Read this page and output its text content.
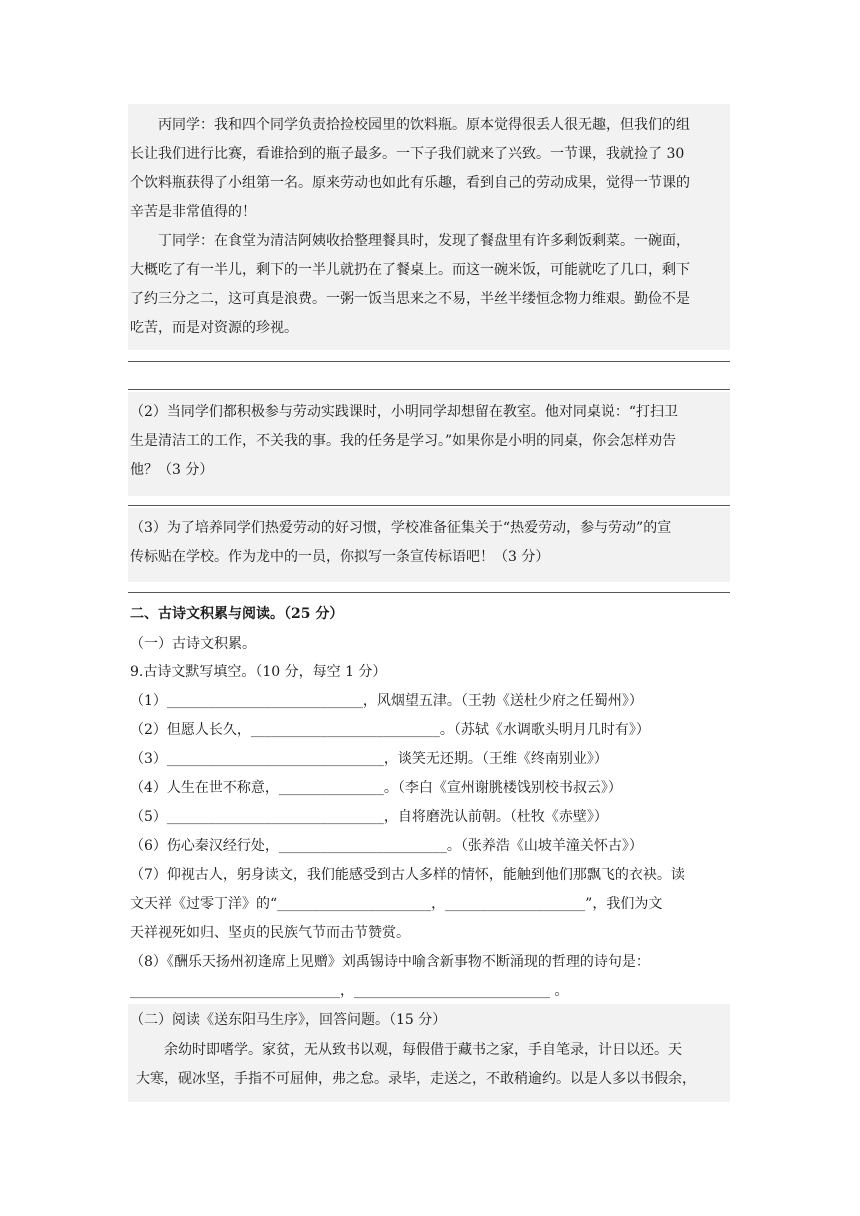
丙同学：我和四个同学负责拾捡校园里的饮料瓶。原本觉得很丢人很无趣，但我们的组
长让我们进行比赛，看谁拾到的瓶子最多。一下子我们就来了兴致。一节课，我就捡了 30
个饮料瓶获得了小组第一名。原来劳动也如此有乐趣，看到自己的劳动成果，觉得一节课的
辛苦是非常值得的！
丁同学：在食堂为清洁阿姨收拾整理餐具时，发现了餐盘里有许多剩饭剩菜。一碗面，
大概吃了有一半儿，剩下的一半儿就扔在了餐桌上。而这一碗米饭，可能就吃了几口，剩下
了约三分之二，这可真是浪费。一粥一饭当思来之不易，半丝半缕恒念物力维艰。勤俭不是
吃苦，而是对资源的珍视。
（2）当同学们都积极参与劳动实践课时，小明同学却想留在教室。他对同桌说：“打扫卫
生是清洁工的工作，不关我的事。我的任务是学习。”如果你是小明的同桌，你会怎样劝告
他？（3 分）
（3）为了培养同学们热爱劳动的好习惯，学校准备征集关于“热爱劳动，参与劳动”的宣
传标贴在学校。作为龙中的一员，你拟写一条宣传标语吧！（3 分）
二、古诗文积累与阅读。（25 分）
（一）古诗文积累。
9.古诗文默写填空。（10 分，每空 1 分）
（1）____________________________，风烟望五津。（王勃《送杜少府之任蜀州》）
（2）但愿人长久，___________________________。（苏轼《水调歌头明月几时有》）
（3）_______________________________，谈笑无还期。（王维《终南别业》）
（4）人生在世不称意，_______________。（李白《宣州谢朓楼饯别校书叔云》）
（5）_______________________________，自将磨洗认前朝。（杜牧《赤壁》）
（6）伤心秦汉经行处，________________________。（张养浩《山坡羊潼关怀古》）
（7）仰视古人，躬身读文，我们能感受到古人多样的情怀，能触到他们那飘飞的衣袂。读
文天祥《过零丁洋》的“______________________，____________________”，我们为文
天祥视死如归、坚贞的民族气节而击节赞赏。
（8）《酬乐天扬州初逢席上见赠》刘禹锡诗中喻含新事物不断涌现的哲理的诗句是：
______________________________，____________________________ 。
（二）阅读《送东阳马生序》，回答问题。（15 分）
余幼时即嗜学。家贫，无从致书以观，每假借于藏书之家，手自笔录，计日以还。天
大寒，砚冰坚，手指不可屈伸，弗之怠。录毕，走送之，不敢稍逾约。以是人多以书假余，
